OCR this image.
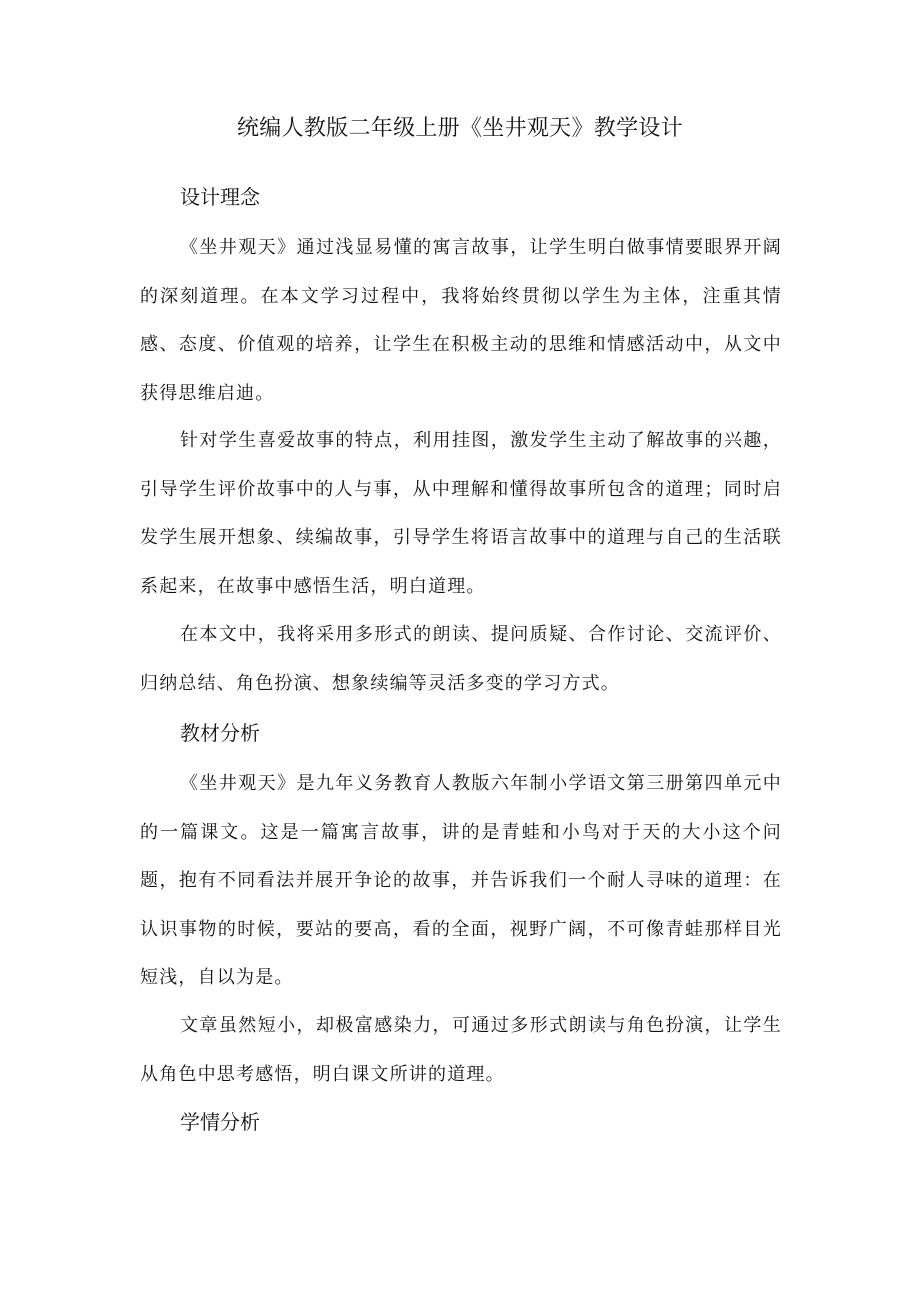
统编人教版二年级上册《坐井观天》教学设计
设计理念

《坐井观天》通过浅显易懂的寓言故事，让学生明白做事情要眼界开阔的深刻道理。在本文学习过程中，我将始终贯彻以学生为主体，注重其情感、态度、价值观的培养，让学生在积极主动的思维和情感活动中，从文中获得思维启迪。

针对学生喜爱故事的特点，利用挂图，激发学生主动了解故事的兴趣，引导学生评价故事中的人与事，从中理解和懂得故事所包含的道理；同时启发学生展开想象、续编故事，引导学生将语言故事中的道理与自己的生活联系起来，在故事中感悟生活，明白道理。

在本文中，我将采用多形式的朗读、提问质疑、合作讨论、交流评价、归纳总结、角色扮演、想象续编等灵活多变的学习方式。

教材分析

《坐井观天》是九年义务教育人教版六年制小学语文第三册第四单元中的一篇课文。这是一篇寓言故事，讲的是青蛙和小鸟对于天的大小这个问题，抱有不同看法并展开争论的故事，并告诉我们一个耐人寻味的道理：在认识事物的时候，要站的要高，看的全面，视野广阔，不可像青蛙那样目光短浅，自以为是。

文章虽然短小，却极富感染力，可通过多形式朗读与角色扮演，让学生从角色中思考感悟，明白课文所讲的道理。

学情分析
